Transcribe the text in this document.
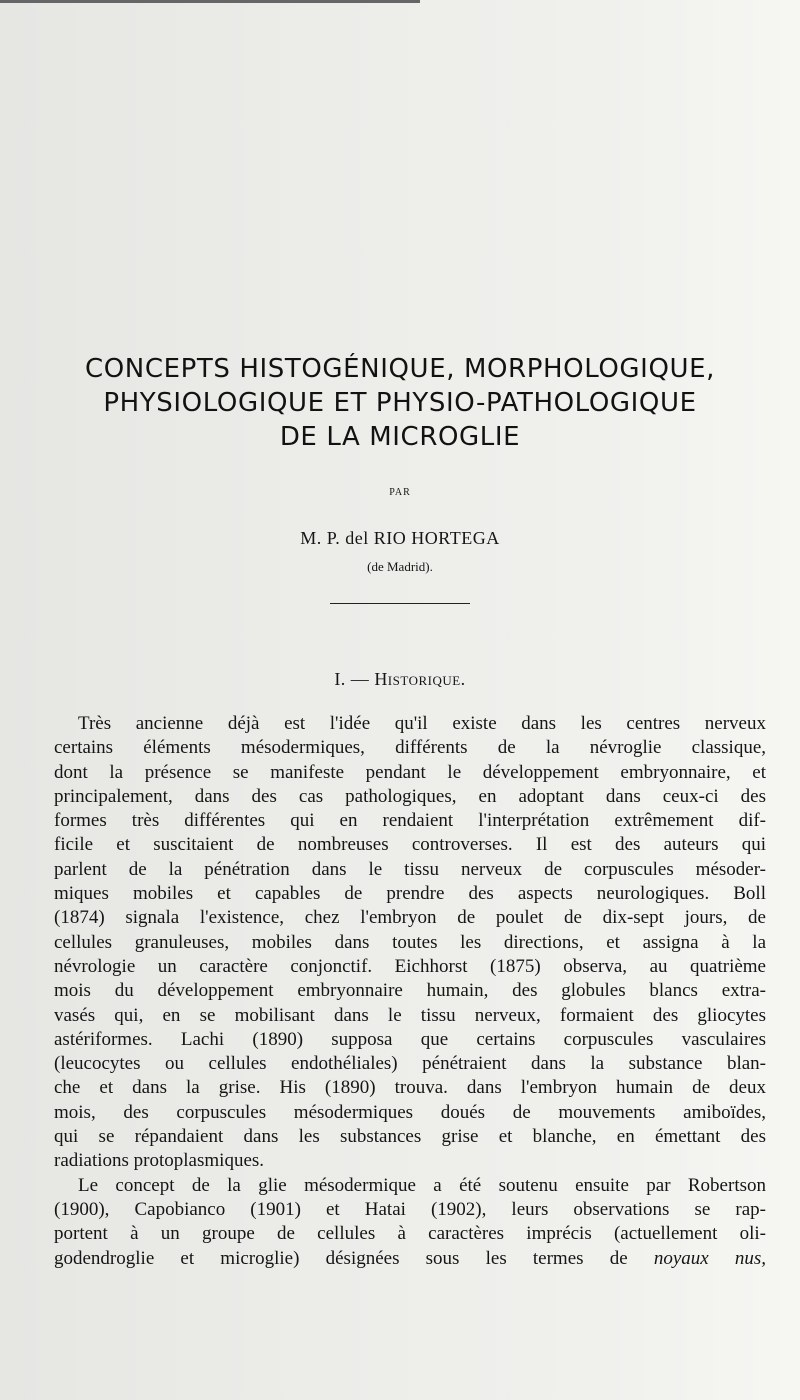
CONCEPTS HISTOGÉNIQUE, MORPHOLOGIQUE,
PHYSIOLOGIQUE ET PHYSIO-PATHOLOGIQUE
DE LA MICROGLIE
PAR
M. P. del RIO HORTEGA
(de Madrid).
I. — Historique.
Très ancienne déjà est l'idée qu'il existe dans les centres nerveux
certains éléments mésodermiques, différents de la névroglie classique,
dont la présence se manifeste pendant le développement embryonnaire, et
principalement, dans des cas pathologiques, en adoptant dans ceux-ci des
formes très différentes qui en rendaient l'interprétation extrêmement dif-
ficile et suscitaient de nombreuses controverses. Il est des auteurs qui
parlent de la pénétration dans le tissu nerveux de corpuscules mésoder-
miques mobiles et capables de prendre des aspects neurologiques. Boll
(1874) signala l'existence, chez l'embryon de poulet de dix-sept jours, de
cellules granuleuses, mobiles dans toutes les directions, et assigna à la
névrologie un caractère conjonctif. Eichhorst (1875) observa, au quatrième
mois du développement embryonnaire humain, des globules blancs extra-
vasés qui, en se mobilisant dans le tissu nerveux, formaient des gliocytes
astériformes. Lachi (1890) supposa que certains corpuscules vasculaires
(leucocytes ou cellules endothéliales) pénétraient dans la substance blan-
che et dans la grise. His (1890) trouva. dans l'embryon humain de deux
mois, des corpuscules mésodermiques doués de mouvements amiboïdes,
qui se répandaient dans les substances grise et blanche, en émettant des
radiations protoplasmiques.
Le concept de la glie mésodermique a été soutenu ensuite par Robertson
(1900), Capobianco (1901) et Hatai (1902), leurs observations se rap-
portent à un groupe de cellules à caractères imprécis (actuellement oli-
godendroglie et microglie) désignées sous les termes de noyaux nus,
